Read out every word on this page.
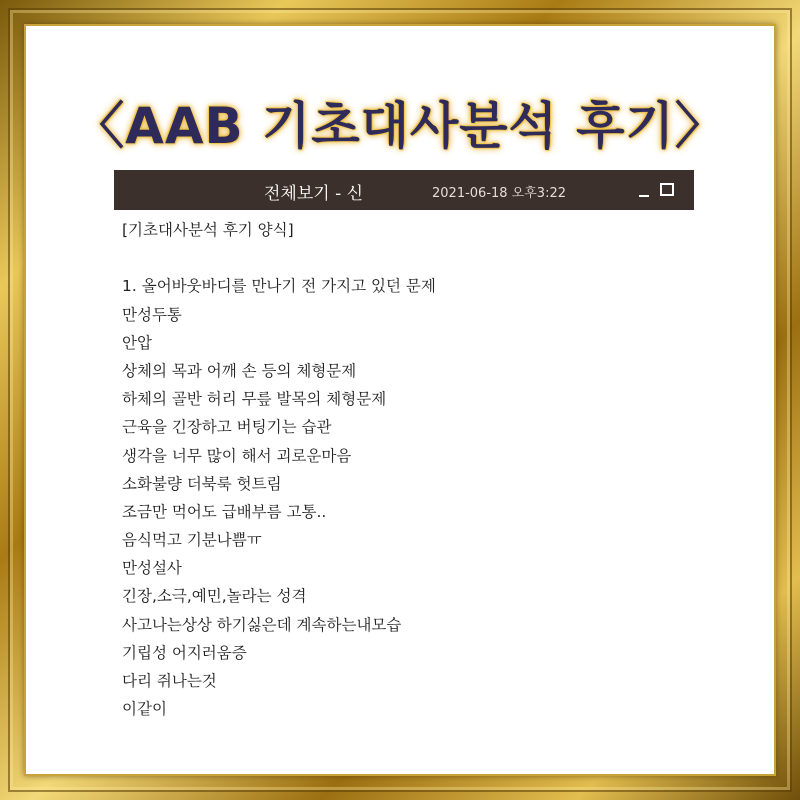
〈AAB 기초대사분석 후기〉
전체보기 - 신	2021-06-18 오후3:22
[기초대사분석 후기 양식]
1. 올어바웃바디를 만나기 전 가지고 있던 문제
만성두통
안압
상체의 목과 어깨 손 등의 체형문제
하체의 골반 허리 무릎 발목의 체형문제
근육을 긴장하고 버팅기는 습관
생각을 너무 많이 해서 괴로운마음
소화불량 더북룩 헛트림
조금만 먹어도 급배부름 고통..
음식먹고 기분나쁨ㅠ
만성설사
긴장,소극,예민,놀라는 성격
사고나는상상 하기싫은데 계속하는내모습
기립성 어지러움증
다리 쥐나는것
이같이
